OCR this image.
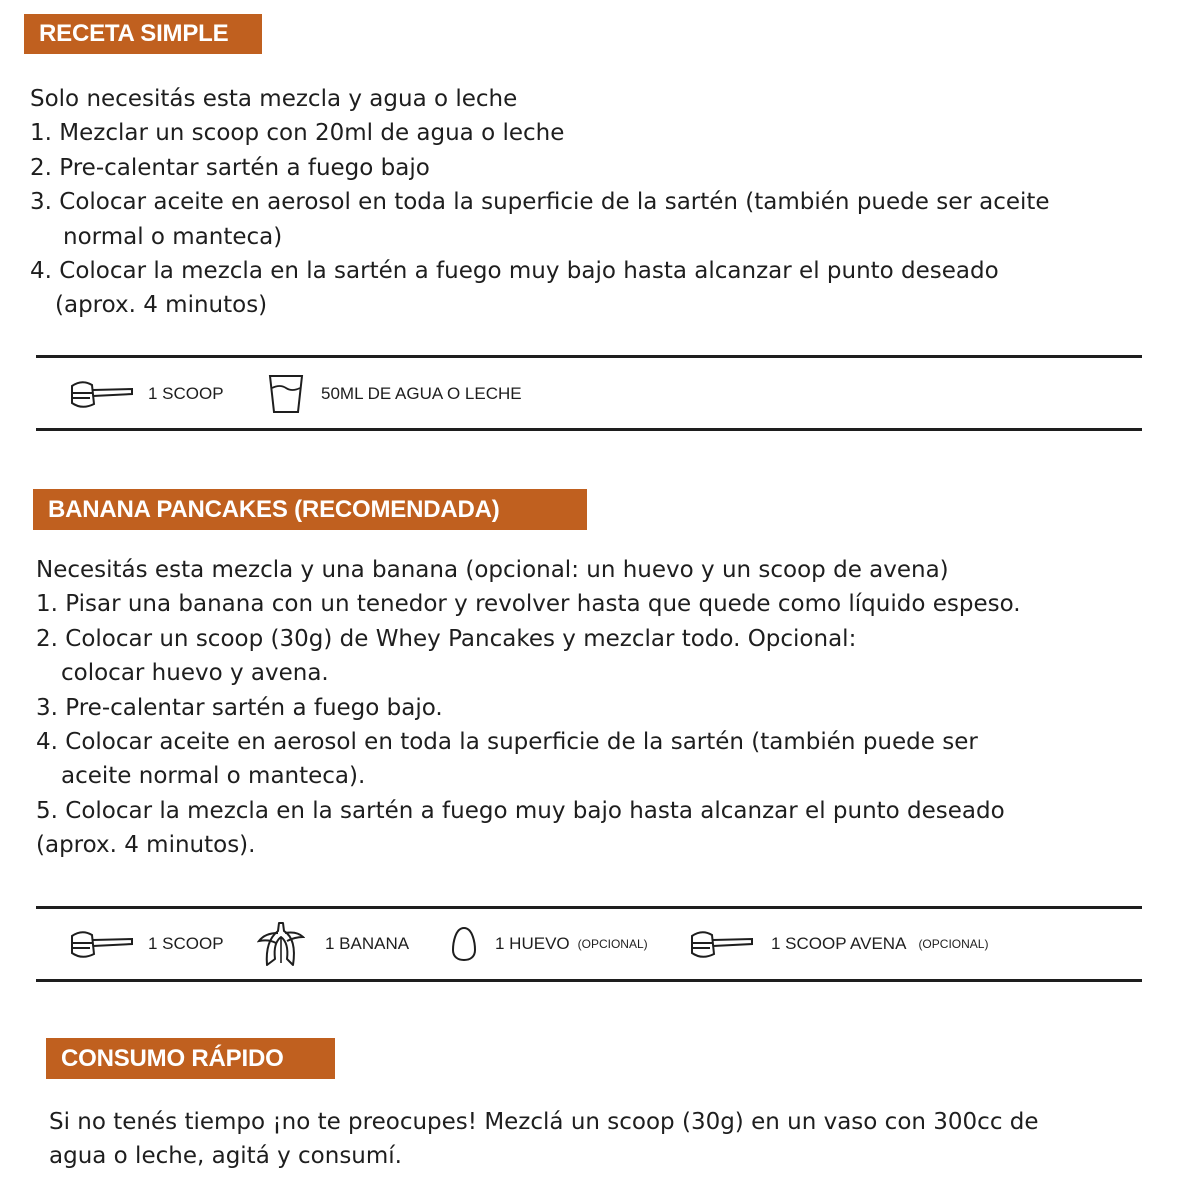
RECETA SIMPLE
Solo necesitás esta mezcla y agua o leche
1. Mezclar un scoop con 20ml de agua o leche
2. Pre-calentar sartén a fuego bajo
3. Colocar aceite en aerosol en toda la superficie de la sartén (también puede ser aceite
normal o manteca)
4. Colocar la mezcla en la sartén a fuego muy bajo hasta alcanzar el punto deseado
(aprox. 4 minutos)
1 SCOOP	50ML DE AGUA O LECHE
BANANA PANCAKES (RECOMENDADA)
Necesitás esta mezcla y una banana (opcional: un huevo y un scoop de avena)
1. Pisar una banana con un tenedor y revolver hasta que quede como líquido espeso.
2. Colocar un scoop (30g) de Whey Pancakes y mezclar todo. Opcional:
colocar huevo y avena.
3. Pre-calentar sartén a fuego bajo.
4. Colocar aceite en aerosol en toda la superficie de la sartén (también puede ser
aceite normal o manteca).
5. Colocar la mezcla en la sartén a fuego muy bajo hasta alcanzar el punto deseado
(aprox. 4 minutos).
1 SCOOP	1 BANANA	1 HUEVO (OPCIONAL)	1 SCOOP AVENA (OPCIONAL)
CONSUMO RÁPIDO
Si no tenés tiempo ¡no te preocupes! Mezclá un scoop (30g) en un vaso con 300cc de
agua o leche, agitá y consumí.
